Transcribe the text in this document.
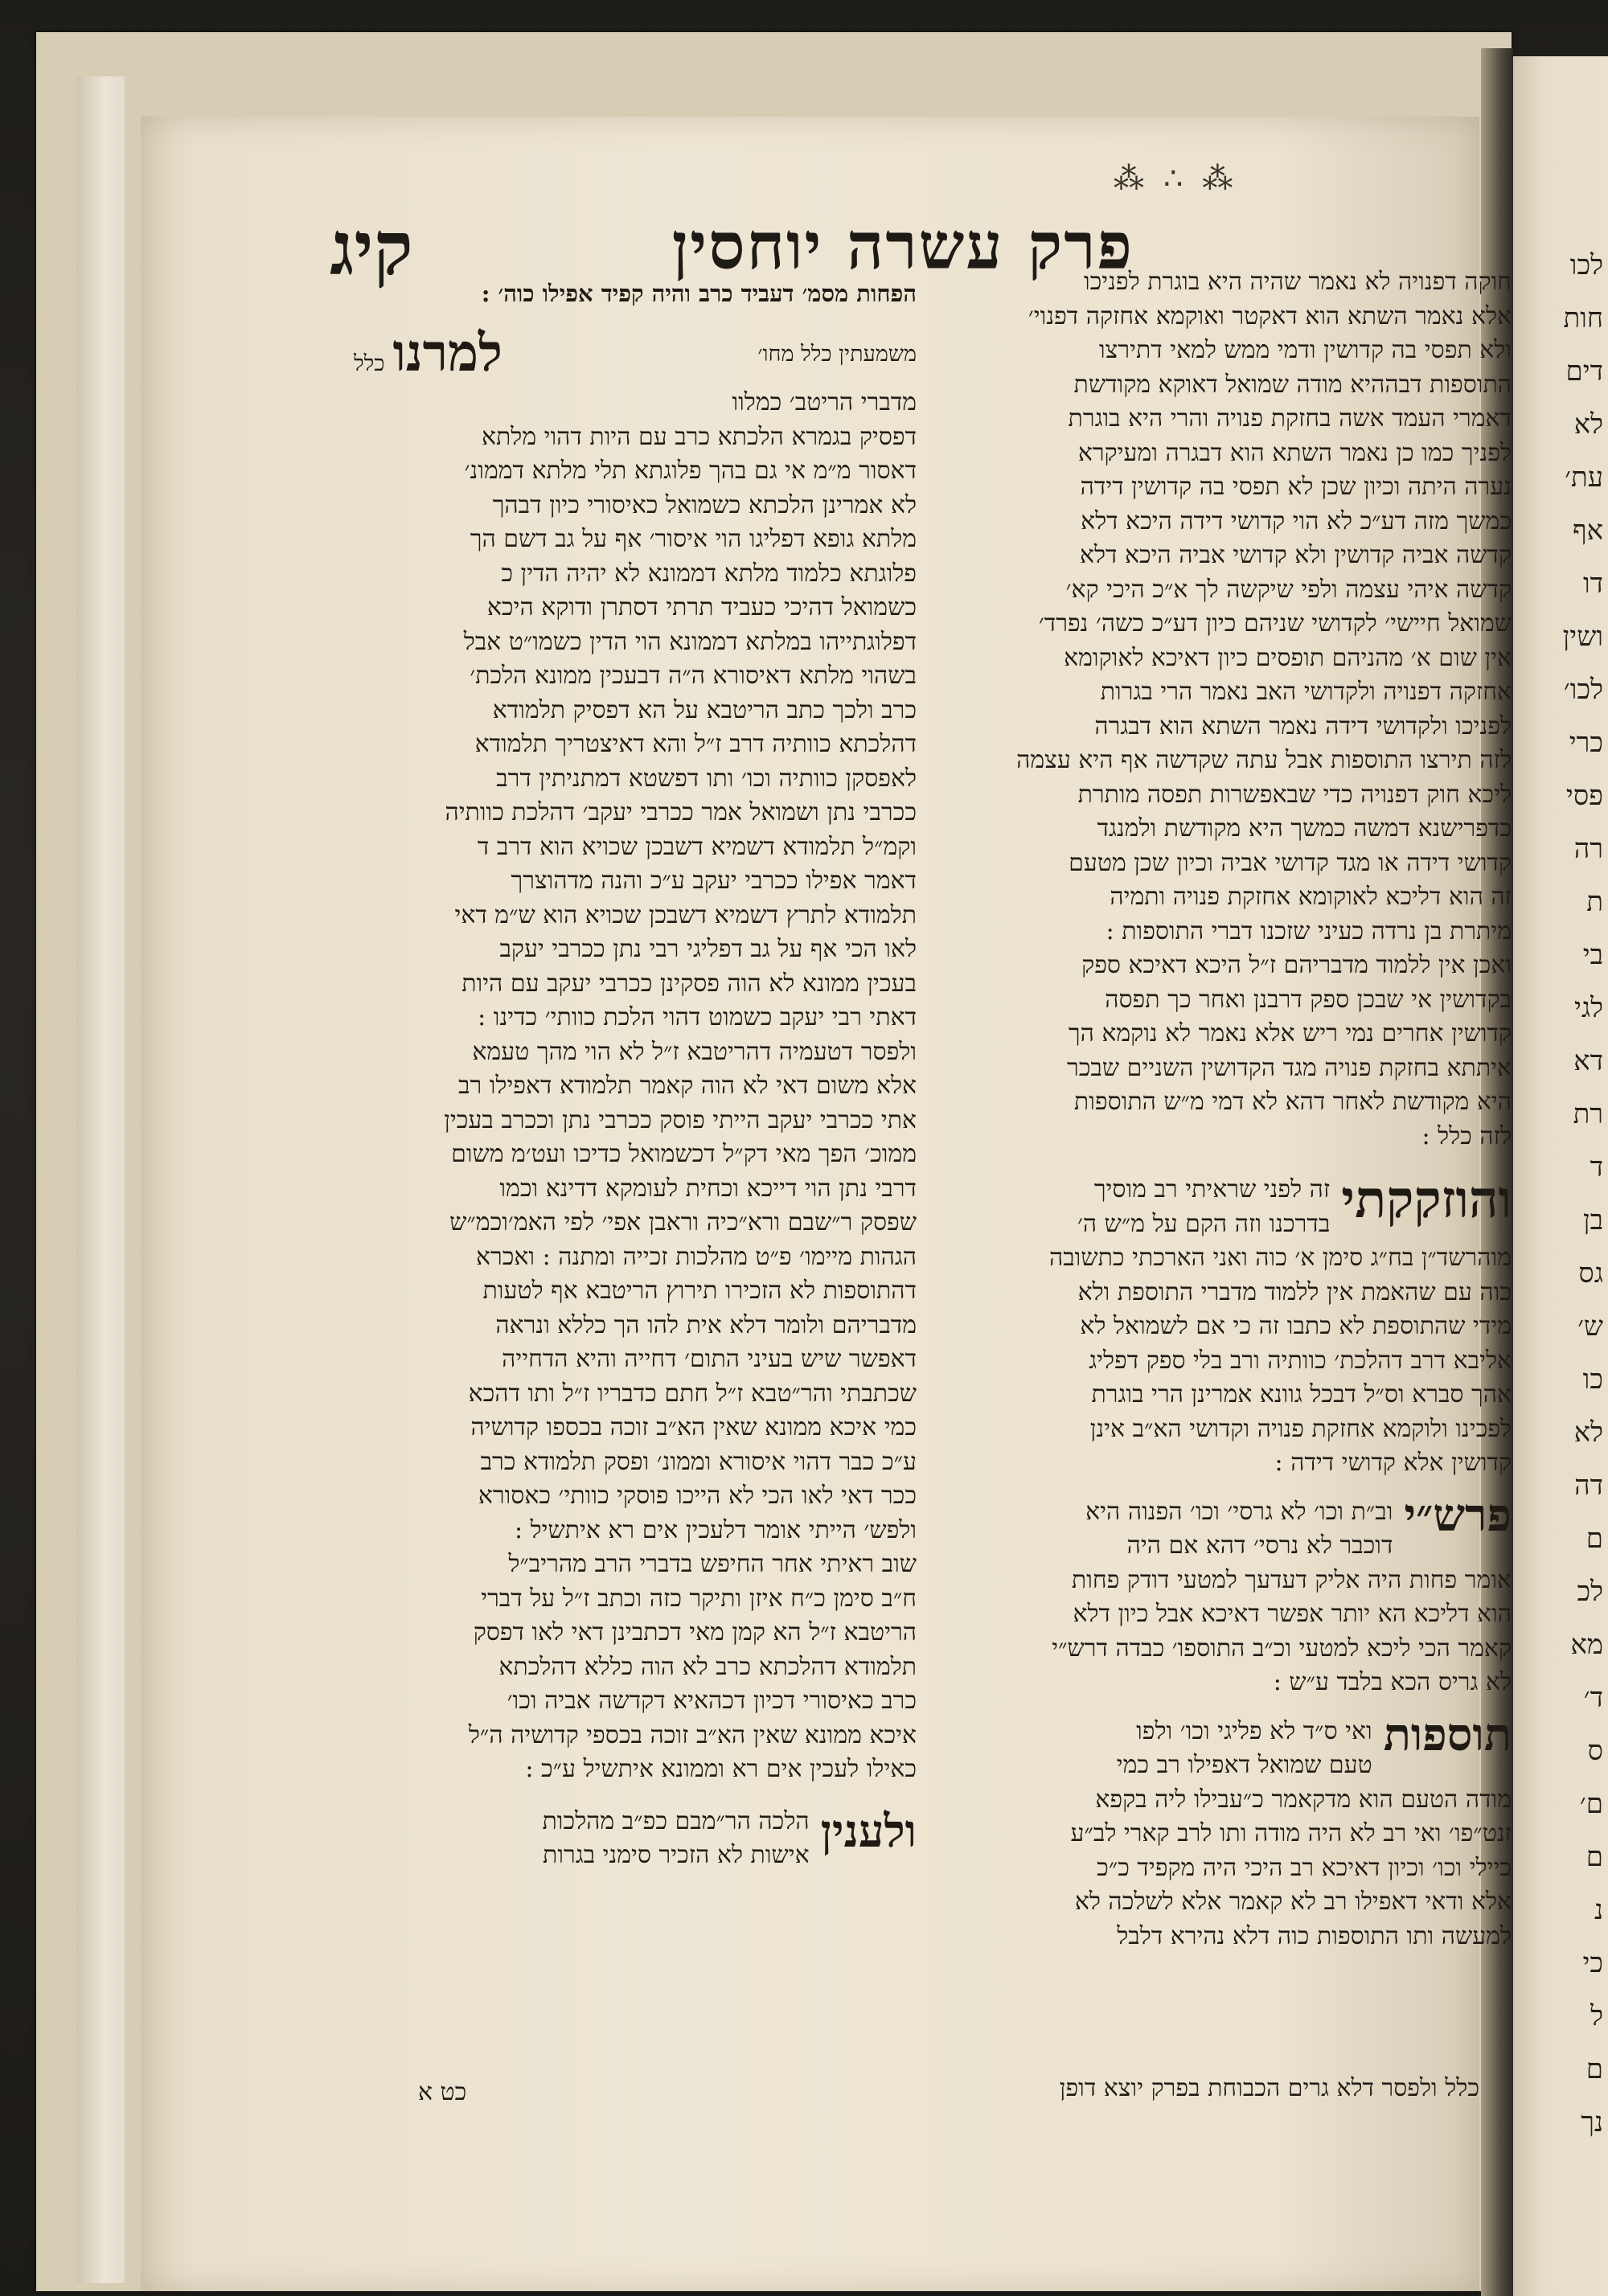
לכו
חות
דים
לא
עת׳
אף
דו
ושין
לכו׳
כרי
פסי
רה
ת
בי
לגי
דא
רת
ד
בן
גס
ש׳
כו
לא
דה
ם
לכ
מא
ד׳
ס
ם׳
ם
נ
כי
ל
ם
נך
⁂ ∴ ⁂
קיג	פרק עשרה יוחסין
הפחות מסמ׳ דעביד כרב והיה קפיד אפילו כוה׳ :
משמעתין כלל מחו׳
למרנו
כלל
מדברי הריטב׳ כמלוו
דפסיק בגמרא הלכתא כרב עם היות דהוי מלתא
דאסור מ״מ אי גם בהך פלוגתא תלי מלתא דממונ׳
לא אמרינן הלכתא כשמואל כאיסורי כיון דבהך
מלתא גופא דפליגו הוי איסור׳ אף על גב דשם הך
פלוגתא כלמוד מלתא דממונא לא יהיה הדין כ
כשמואל דהיכי כעביד תרתי דסתרן ודוקא היכא
דפלוגתייהו במלתא דממונא הוי הדין כשמו״ט אבל
בשהוי מלתא דאיסורא ה״ה דבעכין ממונא הלכת׳
כרב ולכך כתב הריטבא על הא דפסיק תלמודא
דהלכתא כוותיה דרב ז״ל והא דאיצטריך תלמודא
לאפסקן כוותיה וכו׳ ותו דפשטא דמתניתין דרב
ככרבי נתן ושמואל אמר ככרבי יעקב׳ דהלכת כוותיה
וקמ״ל תלמודא דשמיא דשבכן שכויא הוא דרב ד
דאמר אפילו ככרבי יעקב ע״כ והנה מדהוצרך
תלמודא לתרץ דשמיא דשבכן שכויא הוא ש״מ דאי
לאו הכי אף על גב דפליגי רבי נתן ככרבי יעקב
בעכין ממונא לא הוה פסקינן ככרבי יעקב עם היות
דאתי רבי יעקב כשמוט דהוי הלכת כוותי׳ כדינו :
ולפסר דטעמיה דהריטבא ז״ל לא הוי מהך טעמא
אלא משום דאי לא הוה קאמר תלמודא דאפילו רב
אתי ככרבי יעקב הייתי פוסק ככרבי נתן וככרב בעכין
ממוכ׳ הפך מאי דק״ל דכשמואל כדיכו ועט׳מ משום
דרבי נתן הוי דייכא וכחית לעומקא דדינא וכמו
שפסק ר״שבם ורא״כיה וראבן אפי׳ לפי האמ׳וכמ״ש
הגהות מיימו׳ פ״ט מהלכות זכייה ומתנה : ואכרא
דהתוספות לא הזכירו תירוץ הריטבא אף לטעות
מדבריהם ולומר דלא אית להו הך כללא ונראה
דאפשר שיש בעיני התום׳ דחייה והיא הדחייה
שכתבתי והר״טבא ז״ל חתם כדבריו ז״ל ותו דהכא
כמי איכא ממונא שאין הא״ב זוכה בכספו קדושיה
ע״כ כבר דהוי איסורא וממונ׳ ופסק תלמודא כרב
ככר דאי לאו הכי לא הייכו פוסקי כוותי׳ כאסורא
ולפש׳ הייתי אומר דלעכין אים רא איתשיל :
שוב ראיתי אחר החיפש בדברי הרב מהריב״ל
ח״ב סימן כ״ח איזן ותיקר כזה וכתב ז״ל על דברי
הריטבא ז״ל הא קמן מאי דכתבינן דאי לאו דפסק
תלמודא דהלכתא כרב לא הוה כללא דהלכתא
כרב כאיסורי דכיון דכהאיא דקדשה אביה וכו׳
איכא ממונא שאין הא״ב זוכה בכספי קדושיה ה״ל
כאילו לעכין אים רא וממונא איתשיל ע״כ :
ולענין
הלכה הר״מבם כפ״ב מהלכות
אישות לא הזכיר סימני בגרות
חוקה דפנויה לא נאמר שהיה היא בוגרת לפניכו
אלא נאמר השתא הוא דאקטר ואוקמא אחזקה דפנוי׳
ולא תפסי בה קדושין ודמי ממש למאי דתירצו
התוספות דבההיא מודה שמואל דאוקא מקודשת
דאמרי העמד אשה בחזקת פנויה והרי היא בוגרת
לפניך כמו כן נאמר השתא הוא דבגרה ומעיקרא
נערה היתה וכיון שכן לא תפסי בה קדושין דידה
כמשך מזה דע״כ לא הוי קדושי דידה היכא דלא
קדשה אביה קדושין ולא קדושי אביה היכא דלא
קדשה איהי עצמה ולפי שיקשה לך א״כ היכי קא׳
שמואל חיישי׳ לקדושי שניהם כיון דע״כ כשה׳ נפרד׳
אין שום א׳ מהניהם תופסים כיון דאיכא לאוקומא
אחזקה דפנויה ולקדושי האב נאמר הרי בגרות
לפניכו ולקדושי דידה נאמר השתא הוא דבגרה
לזה תירצו התוספות אבל עתה שקדשה אף היא עצמה
ליכא חוק דפנויה כדי שבאפשרות תפסה מותרת
כדפרישנא דמשה כמשך היא מקודשת ולמנגד
קדושי דידה או מגד קדושי אביה וכיון שכן מטעם
זה הוא דליכא לאוקומא אחזקת פנויה ותמיה
מיתרת בן נרדה כעיני שזכנו דברי התוספות :
ואכן אין ללמוד מדבריהם ז״ל היכא דאיכא ספק
בקדושין אי שבכן ספק דרבנן ואחר כך תפסה
קדושין אחרים נמי ריש אלא נאמר לא נוקמא הך
איתתא בחזקת פנויה מגד הקדושין השניים שבכר
היא מקודשת לאחר דהא לא דמי מ״ש התוספות
לזה כלל :
והוזקקתי
זה לפני שראיתי רב מוסיך
בדרכנו וזה הקם על מ״ש ה׳
מוהרשד״ן בח״ג סימן א׳ כוה ואני הארכתי כתשובה
כוה עם שהאמת אין ללמוד מדברי התוספת ולא
מידי שהתוספת לא כתבו זה כי אם לשמואל לא
אליבא דרב דהלכת׳ כוותיה ורב בלי ספק דפליג
אהך סברא וס״ל דבכל גוונא אמרינן הרי בוגרת
לפכינו ולוקמא אחזקת פנויה וקדושי הא״ב אינן
קדושין אלא קדושי דידה :
פרש״י
וב״ת וכו׳ לא גרסי׳ וכו׳ הפנוה היא
דוכבר לא נרסי׳ דהא אם היה
אומר פחות היה אליק דעדעך למטעי דודק פחות
הוא דליכא הא יותר אפשר דאיכא אבל כיון דלא
קאמר הכי ליכא למטעי וכ״ב התוספו׳ כבדה דרש״י
לא גריס הכא בלבד ע״ש :
תוספות
ואי ס״ד לא פליגי וכו׳ ולפו
טעם שמואל דאפילו רב כמי
מודה הטעם הוא מדקאמר כ״עבילו ליה בקפא
זנט״פו׳ ואי רב לא היה מודה ותו לרב קארי לב״ע
כיילי וכו׳ וכיון דאיכא רב היכי היה מקפיד כ״כ
אלא ודאי דאפילו רב לא קאמר אלא לשלכה לא
למעשה ותו התוספות כוה דלא נהירא דלבל
כלל ולפסר דלא גרים הכבוחת בפרק יוצא דופן
כט א
